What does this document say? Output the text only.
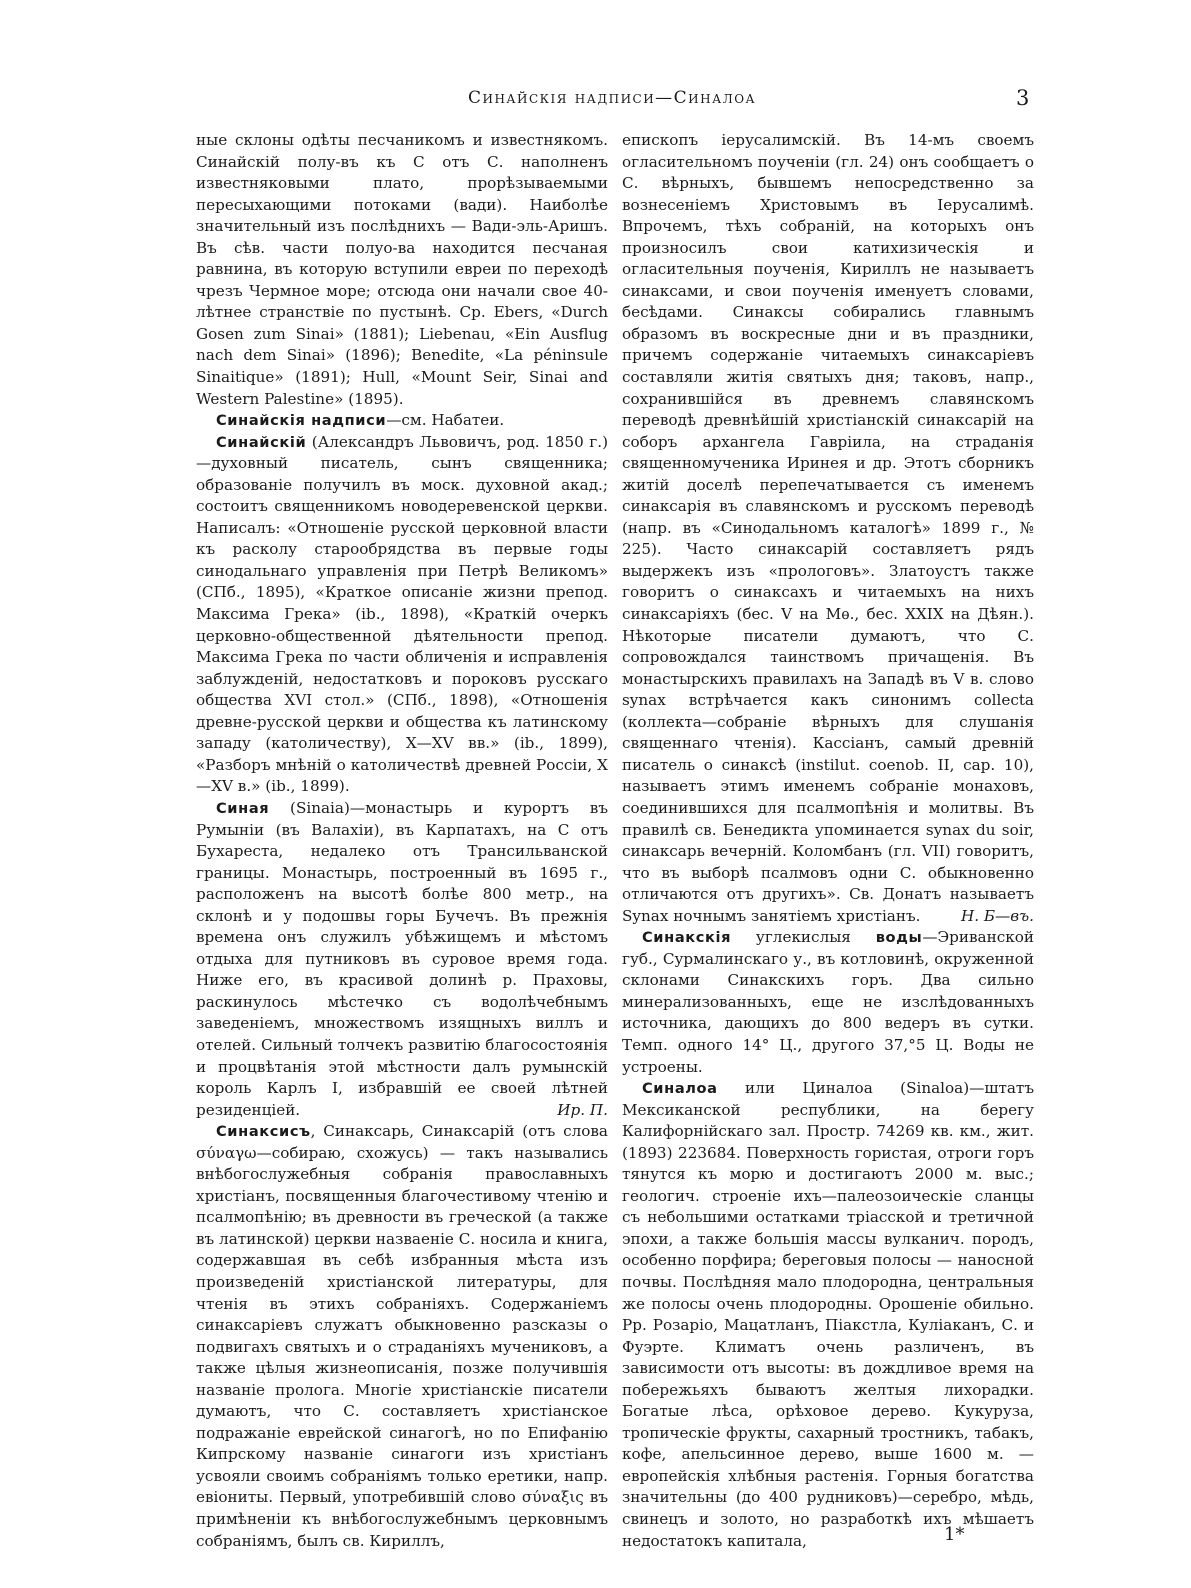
Синайскія надписи—Синалоа	3

ные склоны одѣты песчаникомъ и известнякомъ. Синайскій полу-въ къ С отъ С. наполненъ известняковыми плато, прорѣзываемыми пересыхающими потоками (вади). Наиболѣе значительный изъ послѣднихъ — Вади-эль-Аришъ. Въ сѣв. части полуо-ва находится песчаная равнина, въ которую вступили евреи по переходѣ чрезъ Чермное море; отсюда они начали свое 40-лѣтнее странствіе по пустынѣ. Ср. Ebers, «Durch Gosen zum Sinai» (1881); Liebenau, «Ein Ausflug nach dem Sinai» (1896); Benedite, «La péninsule Sinaitique» (1891); Hull, «Mount Seir, Sinai and Western Palestine» (1895).

Синайскія надписи—см. Набатеи.

Синайскій (Александръ Львовичъ, род. 1850 г.)—духовный писатель, сынъ священника; образованіе получилъ въ моск. духовной акад.; состоитъ священникомъ новодеревенской церкви. Написалъ: «Отношеніе русской церковной власти къ расколу старообрядства въ первые годы синодальнаго управленія при Петрѣ Великомъ» (СПб., 1895), «Краткое описаніе жизни препод. Максима Грека» (ib., 1898), «Краткій очеркъ церковно-общественной дѣятельности препод. Максима Грека по части обличенія и исправленія заблужденій, недостатковъ и пороковъ русскаго общества XVI стол.» (СПб., 1898), «Отношенія древне-русской церкви и общества къ латинскому западу (католичеству), X—XV вв.» (ib., 1899), «Разборъ мнѣній о католичествѣ древней Россіи, X—XV в.» (ib., 1899).

Синая (Sinaia)—монастырь и курортъ въ Румыніи (въ Валахіи), въ Карпатахъ, на С отъ Бухареста, недалеко отъ Трансильванской границы. Монастырь, построенный въ 1695 г., расположенъ на высотѣ болѣе 800 метр., на склонѣ и у подошвы горы Бучечъ. Въ прежнія времена онъ служилъ убѣжищемъ и мѣстомъ отдыха для путниковъ въ суровое время года. Ниже его, въ красивой долинѣ р. Праховы, раскинулось мѣстечко съ водолѣчебнымъ заведеніемъ, множествомъ изящныхъ виллъ и отелей. Сильный толчекъ развитію благосостоянія и процвѣтанія этой мѣстности далъ румынскій король Карлъ I, избравшій ее своей лѣтней резиденціей.	Ир. П.

Синаксисъ, Синаксарь, Синаксарій (отъ слова σύναγω—собираю, схожусь) — такъ назывались внѣбогослужебныя собранія православныхъ христіанъ, посвященныя благочестивому чтенію и псалмопѣнію; въ древности въ греческой (а также въ латинской) церкви назваеніе С. носила и книга, содержавшая въ себѣ избранныя мѣста изъ произведеній христіанской литературы, для чтенія въ этихъ собраніяхъ. Содержаніемъ синаксаріевъ служатъ обыкновенно разсказы о подвигахъ святыхъ и о страданіяхъ мучениковъ, а также цѣлыя жизнеописанія, позже получившія названіе пролога. Многіе христіанскіе писатели думаютъ, что С. составляетъ христіанское подражаніе еврейской синагогѣ, но по Епифанію Кипрскому названіе синагоги изъ христіанъ усвояли своимъ собраніямъ только еретики, напр. евіониты. Первый, употребившій слово σύναξις въ примѣненіи къ внѣбогослужебнымъ церковнымъ собраніямъ, былъ св. Кириллъ,

епископъ іерусалимскій. Въ 14-мъ своемъ огласительномъ поученіи (гл. 24) онъ сообщаетъ о С. вѣрныхъ, бывшемъ непосредственно за вознесеніемъ Христовымъ въ Іерусалимѣ. Впрочемъ, тѣхъ собраній, на которыхъ онъ произносилъ свои катихизическія и огласительныя поученія, Кириллъ не называетъ синаксами, и свои поученія именуетъ словами, бесѣдами. Синаксы собирались главнымъ образомъ въ воскресные дни и въ праздники, причемъ содержаніе читаемыхъ синаксаріевъ составляли житія святыхъ дня; таковъ, напр., сохранившійся въ древнемъ славянскомъ переводѣ древнѣйшій христіанскій синаксарій на соборъ архангела Гавріила, на страданія священномученика Иринея и др. Этотъ сборникъ житій доселѣ перепечатывается съ именемъ синаксарія въ славянскомъ и русскомъ переводѣ (напр. въ «Синодальномъ каталогѣ» 1899 г., № 225). Часто синаксарій составляетъ рядъ выдержекъ изъ «прологовъ». Златоустъ также говоритъ о синаксахъ и читаемыхъ на нихъ синаксаріяхъ (бес. V на Мѳ., бес. XXIX на Дѣян.). Нѣкоторые писатели думаютъ, что С. сопровождался таинствомъ причащенія. Въ монастырскихъ правилахъ на Западѣ въ V в. слово synax встрѣчается какъ синонимъ collecta (коллекта—собраніе вѣрныхъ для слушанія священнаго чтенія). Кассіанъ, самый древній писатель о синаксѣ (instilut. coenob. II, cap. 10), называетъ этимъ именемъ собраніе монаховъ, соединившихся для псалмопѣнія и молитвы. Въ правилѣ св. Бенедикта упоминается synax du soir, синаксарь вечерній. Коломбанъ (гл. VII) говоритъ, что въ выборѣ псалмовъ одни С. обыкновенно отличаются отъ другихъ». Св. Донатъ называетъ Synax ночнымъ занятіемъ христіанъ.	Н. Б—въ.

Синакскія углекислыя воды—Эриванской губ., Сурмалинскаго у., въ котловинѣ, окруженной склонами Синакскихъ горъ. Два сильно минерализованныхъ, еще не изслѣдованныхъ источника, дающихъ до 800 ведеръ въ сутки. Темп. одного 14° Ц., другого 37,°5 Ц. Воды не устроены.

Синалоа или Циналоа (Sinaloa)—штатъ Мексиканской республики, на берегу Калифорнійскаго зал. Простр. 74269 кв. км., жит. (1893) 223684. Поверхность гористая, отроги горъ тянутся къ морю и достигаютъ 2000 м. выс.; геологич. строеніе ихъ—палеозоическіе сланцы съ небольшими остатками тріасской и третичной эпохи, а также большія массы вулканич. породъ, особенно порфира; береговыя полосы — наносной почвы. Послѣдняя мало плодородна, центральныя же полосы очень плодородны. Орошеніе обильно. Рр. Розаріо, Мацатланъ, Піакстла, Куліаканъ, С. и Фуэрте. Климатъ очень различенъ, въ зависимости отъ высоты: въ дождливое время на побережьяхъ бываютъ желтыя лихорадки. Богатые лѣса, орѣховое дерево. Кукуруза, тропическіе фрукты, сахарный тростникъ, табакъ, кофе, апельсинное дерево, выше 1600 м. — европейскія хлѣбныя растенія. Горныя богатства значительны (до 400 рудниковъ)—серебро, мѣдь, свинецъ и золото, но разработкѣ ихъ мѣшаетъ недостатокъ капитала,	1*
